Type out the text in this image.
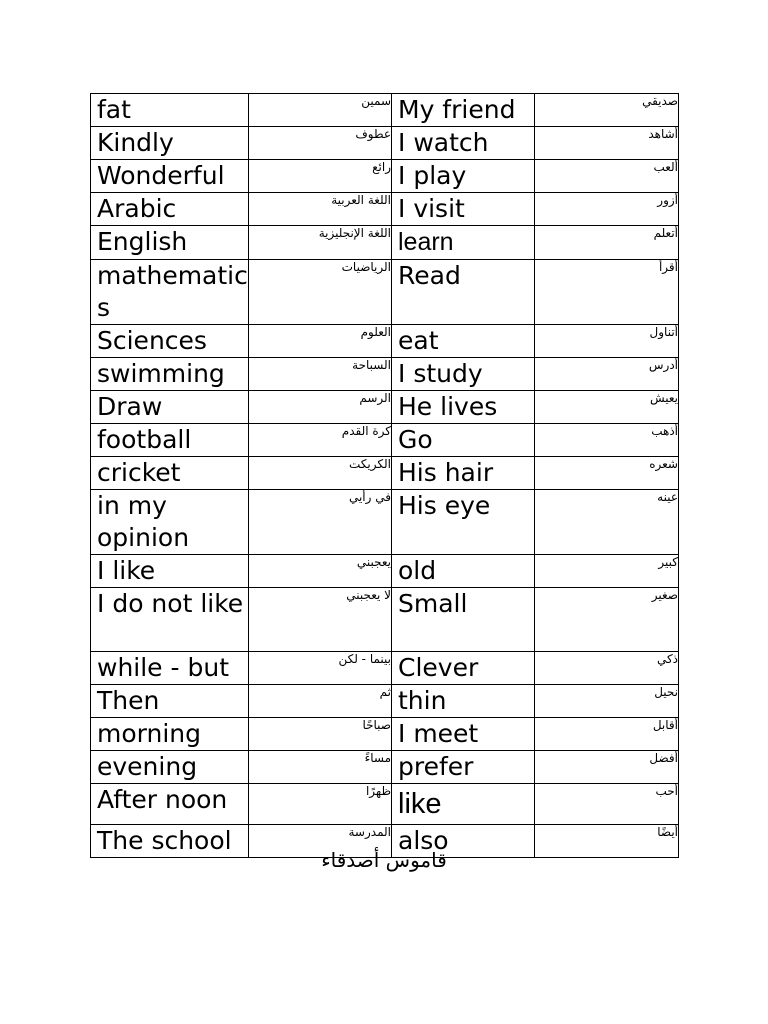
fat	سمين	My friend	صديقي
Kindly	عطوف	I watch	أشاهد
Wonderful	رائع	I play	ألعب
Arabic	اللغة العربية	I visit	أزور
English	اللغة الإنجليزية	learn	أتعلم
mathematics	الرياضيات	Read	أقرأ
Sciences	العلوم	eat	أتناول
swimming	السباحة	I study	أدرس
Draw	الرسم	He lives	يعيش
football	كرة القدم	Go	أذهب
cricket	الكريكت	His hair	شعره
in my opinion	في رأيي	His eye	عينه
I like	يعجبني	old	كبير
I do not like	لا يعجبني	Small	صغير
while - but	بينما - لكن	Clever	ذكي
Then	ثم	thin	نحيل
morning	صباحًا	I meet	أقابل
evening	مساءً	prefer	أفضل
After noon	ظهرًا	like	أحب
The school	المدرسة	also	أيضًا
قاموس أصدقاء
